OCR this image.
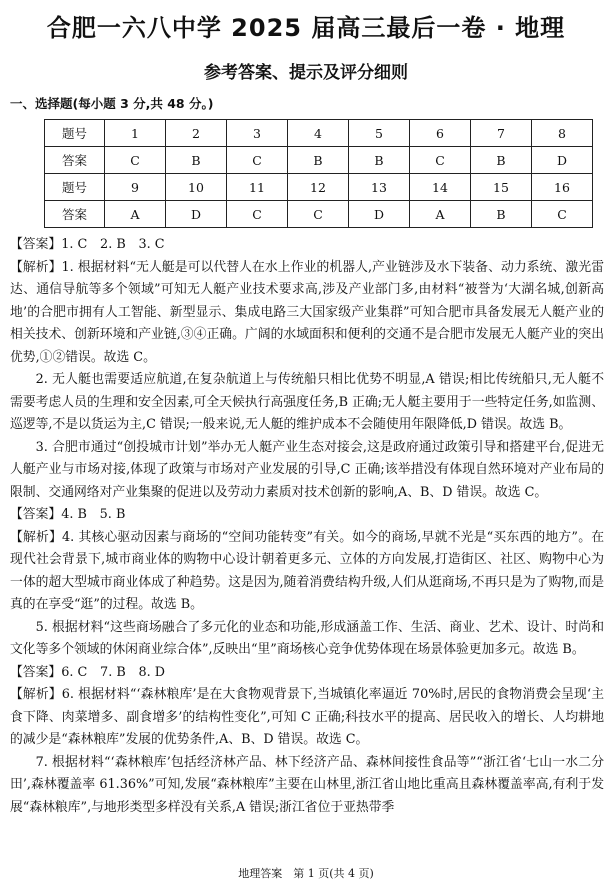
合肥一六八中学 2025 届高三最后一卷 · 地理
参考答案、提示及评分细则
一、选择题(每小题 3 分,共 48 分。)
题号	1	2	3	4	5	6	7	8
答案	C	B	C	B	B	C	B	D
题号	9	10	11	12	13	14	15	16
答案	A	D	C	C	D	A	B	C

【答案】1. C　2. B　3. C

【解析】1. 根据材料“无人艇是可以代替人在水上作业的机器人,产业链涉及水下装备、动力系统、激光雷达、通信导航等多个领域”可知无人艇产业技术要求高,涉及产业部门多,由材料“被誉为‘大湖名城,创新高地’的合肥市拥有人工智能、新型显示、集成电路三大国家级产业集群”可知合肥市具备发展无人艇产业的相关技术、创新环境和产业链,③④正确。广阔的水域面积和便利的交通不是合肥市发展无人艇产业的突出优势,①②错误。故选 C。

2. 无人艇也需要适应航道,在复杂航道上与传统船只相比优势不明显,A 错误;相比传统船只,无人艇不需要考虑人员的生理和安全因素,可全天候执行高强度任务,B 正确;无人艇主要用于一些特定任务,如监测、巡逻等,不是以货运为主,C 错误;一般来说,无人艇的维护成本不会随使用年限降低,D 错误。故选 B。

3. 合肥市通过“创投城市计划”举办无人艇产业生态对接会,这是政府通过政策引导和搭建平台,促进无人艇产业与市场对接,体现了政策与市场对产业发展的引导,C 正确;该举措没有体现自然环境对产业布局的限制、交通网络对产业集聚的促进以及劳动力素质对技术创新的影响,A、B、D 错误。故选 C。

【答案】4. B　5. B

【解析】4. 其核心驱动因素与商场的“空间功能转变”有关。如今的商场,早就不光是“买东西的地方”。在现代社会背景下,城市商业体的购物中心设计朝着更多元、立体的方向发展,打造街区、社区、购物中心为一体的超大型城市商业体成了种趋势。这是因为,随着消费结构升级,人们从逛商场,不再只是为了购物,而是真的在享受“逛”的过程。故选 B。

5. 根据材料“这些商场融合了多元化的业态和功能,形成涵盖工作、生活、商业、艺术、设计、时尚和文化等多个领域的休闲商业综合体”,反映出“里”商场核心竞争优势体现在场景体验更加多元。故选 B。

【答案】6. C　7. B　8. D

【解析】6. 根据材料“‘森林粮库’是在大食物观背景下,当城镇化率逼近 70%时,居民的食物消费会呈现‘主食下降、肉菜增多、副食增多’的结构性变化”,可知 C 正确;科技水平的提高、居民收入的增长、人均耕地的减少是“森林粮库”发展的优势条件,A、B、D 错误。故选 C。

7. 根据材料“‘森林粮库’包括经济林产品、林下经济产品、森林间接性食品等”“浙江省‘七山一水二分田’,森林覆盖率 61.36%”可知,发展“森林粮库”主要在山林里,浙江省山地比重高且森林覆盖率高,有利于发展“森林粮库”,与地形类型多样没有关系,A 错误;浙江省位于亚热带季

地理答案　第 1 页(共 4 页)
